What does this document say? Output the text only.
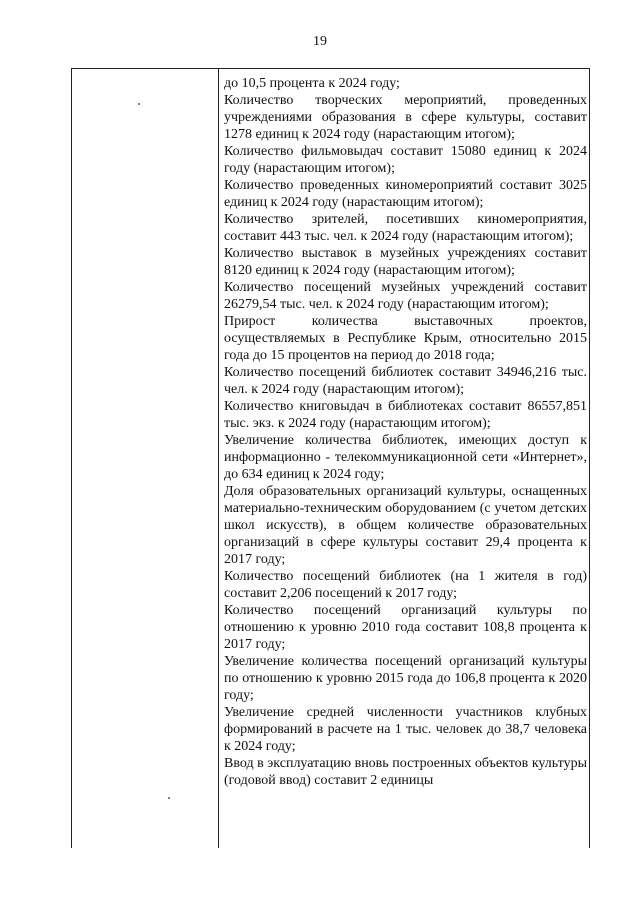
19
до 10,5 процента к 2024 году;
Количество творческих мероприятий, проведенных учреждениями образования в сфере культуры, составит 1278 единиц к 2024 году (нарастающим итогом);
Количество фильмовыдач составит 15080 единиц к 2024 году (нарастающим итогом);
Количество проведенных кинoмероприятий составит 3025 единиц к 2024 году (нарастающим итогом);
Количество зрителей, посетивших киномероприятия, составит 443 тыс. чел. к 2024 году (нарастающим итогом);
Количество выставок в музейных учреждениях составит 8120 единиц к 2024 году (нарастающим итогом);
Количество посещений музейных учреждений составит 26279,54 тыс. чел. к 2024 году (нарастающим итогом);
Прирост количества выставочных проектов, осуществляемых в Республике Крым, относительно 2015 года до 15 процентов на период до 2018 года;
Количество посещений библиотек составит 34946,216 тыс. чел. к 2024 году (нарастающим итогом);
Количество книговыдач в библиотеках составит 86557,851 тыс. экз. к 2024 году (нарастающим итогом);
Увеличение количества библиотек, имеющих доступ к информационно - телекоммуникационной сети «Интернет», до 634 единиц к 2024 году;
Доля образовательных организаций культуры, оснащенных материально-техническим оборудованием (с учетом детских школ искусств), в общем количестве образовательных организаций в сфере культуры составит 29,4 процента к 2017 году;
Количество посещений библиотек (на 1 жителя в год) составит 2,206 посещений к 2017 году;
Количество посещений организаций культуры по отношению к уровню 2010 года составит 108,8 процента к 2017 году;
Увеличение количества посещений организаций культуры по отношению к уровню 2015 года до 106,8 процента к 2020 году;
Увеличение средней численности участников клубных формирований в расчете на 1 тыс. человек до 38,7 человека к 2024 году;
Ввод в эксплуатацию вновь построенных объектов культуры (годовой ввод) составит 2 единицы
